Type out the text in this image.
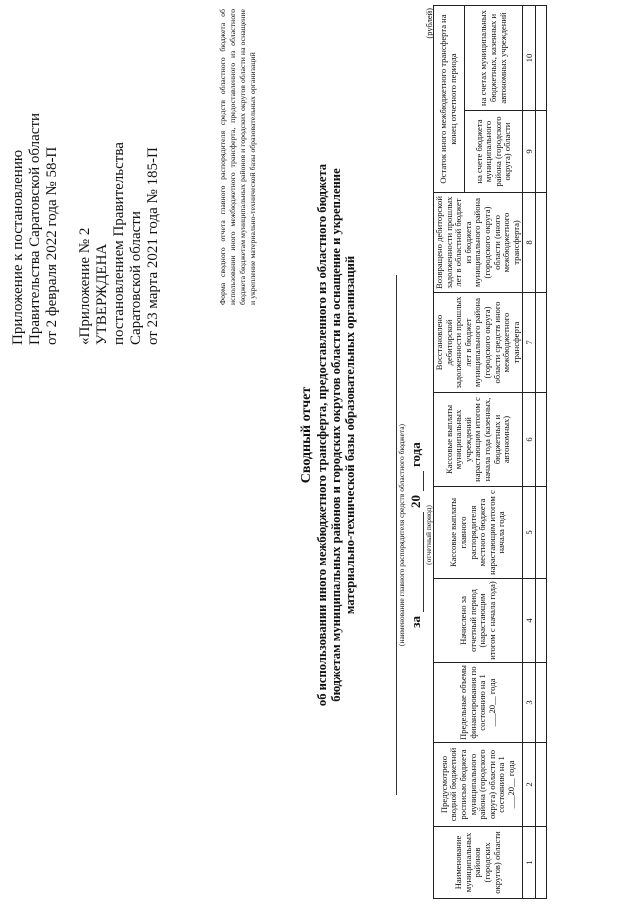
Приложение к постановлению Правительства Саратовской области от 2 февраля 2022 года № 58-П «Приложение № 2 УТВЕРЖДЕНА постановлением Правительства Саратовской области от 23 марта 2021 года № 185-П	Форма сводного отчета главного распорядителя средств областного бюджета об использовании иного межбюджетного трансферта, предоставленного из областного бюджета бюджетам муниципальных районов и городских округов области на оснащение и укрепление материально-технической базы образовательных организаций
Сводный отчет об использовании иного межбюджетного трансферта, предоставленного из областного бюджета бюджетам муниципальных районов и городских округов области на оснащение и укрепление материально-технической базы образовательных организаций	(наименование главного распорядителя средств областного бюджета) за
20
года
(отчетный период)
(рублей)
Наименование муниципальных районов (городских округов) области	Предусмотрено сводной бюджетной росписью бюджета муниципального района (городского округа) области по состоянию на 1 ___20__ года	Предельные объемы финансирования по состоянию на 1 ___20__ года	Начислено за отчетный период (нарастающим итогом с начала года)	Кассовые выплаты главного распорядителя местного бюджета нарастающим итогом с начала года	Кассовые выплаты муниципальных учреждений нарастающим итогом с начала года (казенных, бюджетных и автономных)	Восстановлено дебиторской задолженности прошлых лет в бюджет муниципального района (городского округа) области средств иного межбюджетного трансферта	Возвращено дебиторской задолженности прошлых лет в областной бюджет из бюджета муниципального района (городского округа) области (иного межбюджетного трансферта)	Остаток иного межбюджетного трансферта на конец отчетного периода	
								на счете бюджета муниципального района (городского округа) области	на счетах муниципальных бюджетных, казенных и автономных учреждений
1	2	3	4	5	6	7	8	9	10
